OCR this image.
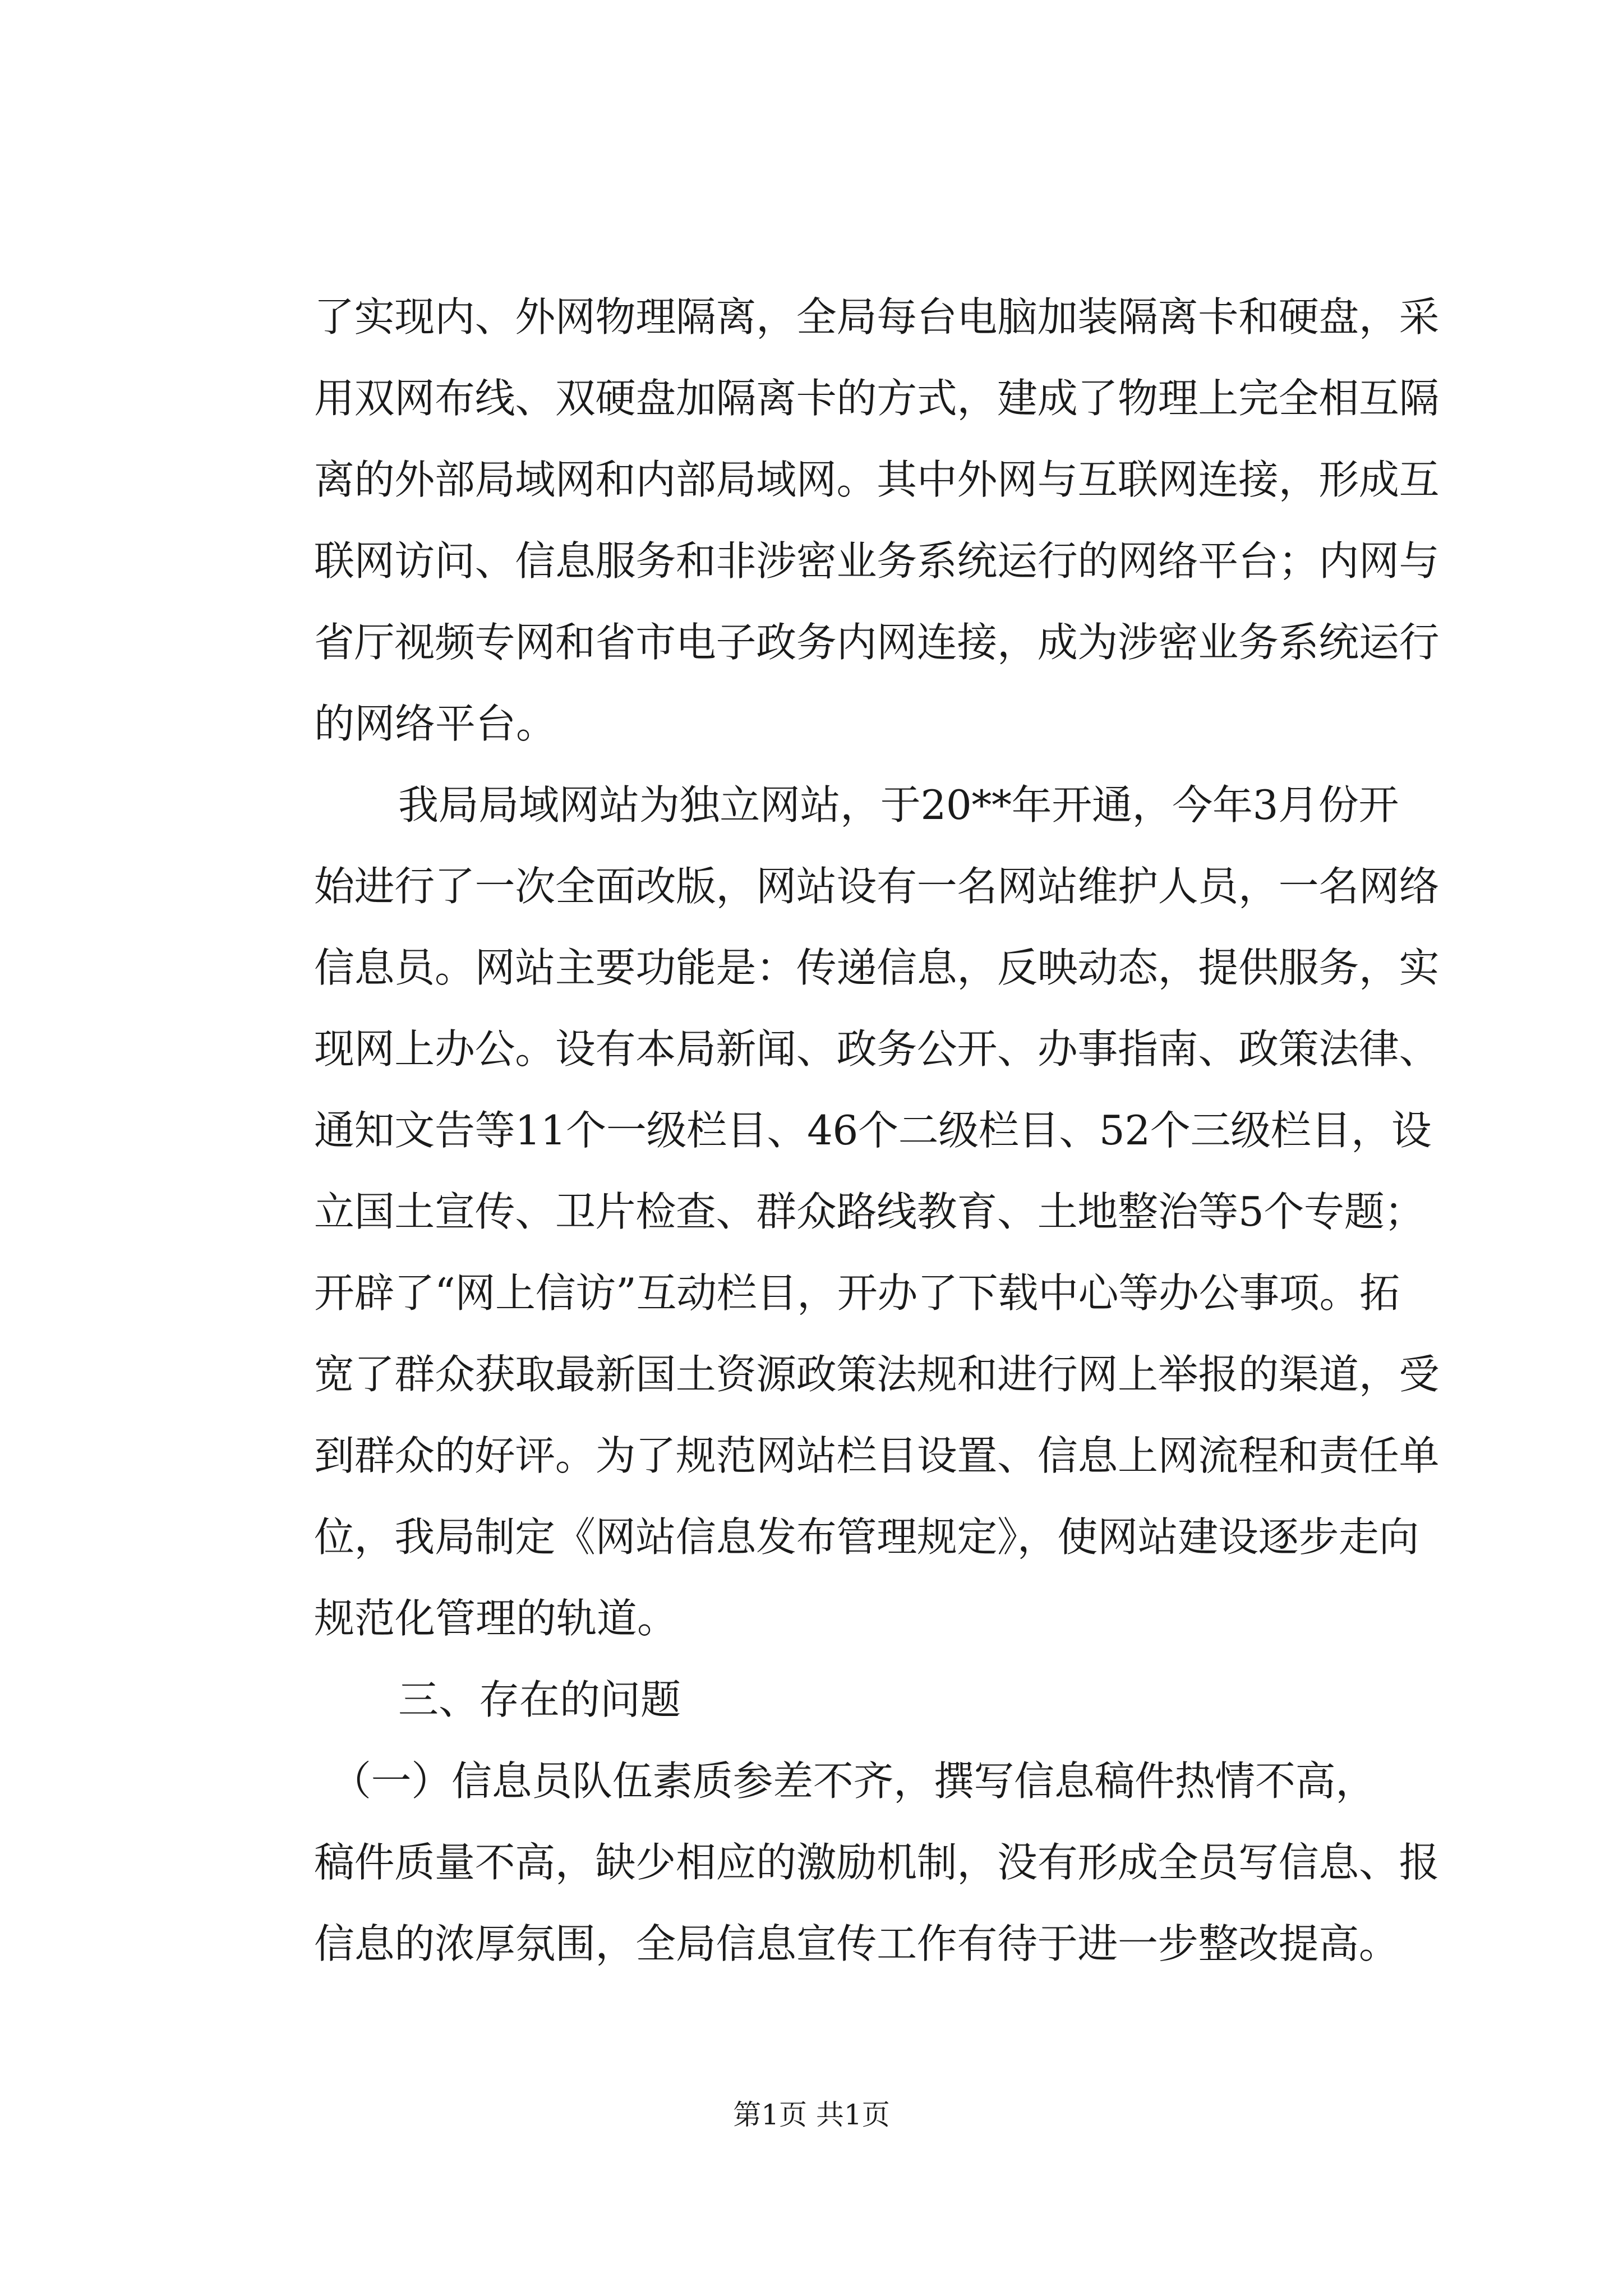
了实现内、外网物理隔离，全局每台电脑加装隔离卡和硬盘，采
用双网布线、双硬盘加隔离卡的方式，建成了物理上完全相互隔
离的外部局域网和内部局域网。其中外网与互联网连接，形成互
联网访问、信息服务和非涉密业务系统运行的网络平台；内网与
省厅视频专网和省市电子政务内网连接，成为涉密业务系统运行
的网络平台。
我局局域网站为独立网站，于20**年开通，今年3月份开
始进行了一次全面改版，网站设有一名网站维护人员，一名网络
信息员。网站主要功能是：传递信息，反映动态，提供服务，实
现网上办公。设有本局新闻、政务公开、办事指南、政策法律、
通知文告等11个一级栏目、46个二级栏目、52个三级栏目，设
立国土宣传、卫片检查、群众路线教育、土地整治等5个专题；
开辟了“网上信访”互动栏目，开办了下载中心等办公事项。拓
宽了群众获取最新国土资源政策法规和进行网上举报的渠道，受
到群众的好评。为了规范网站栏目设置、信息上网流程和责任单
位，我局制定《网站信息发布管理规定》，使网站建设逐步走向
规范化管理的轨道。
三、存在的问题
（一）信息员队伍素质参差不齐，撰写信息稿件热情不高，
稿件质量不高，缺少相应的激励机制，没有形成全员写信息、报
信息的浓厚氛围，全局信息宣传工作有待于进一步整改提高。
第1页 共1页
